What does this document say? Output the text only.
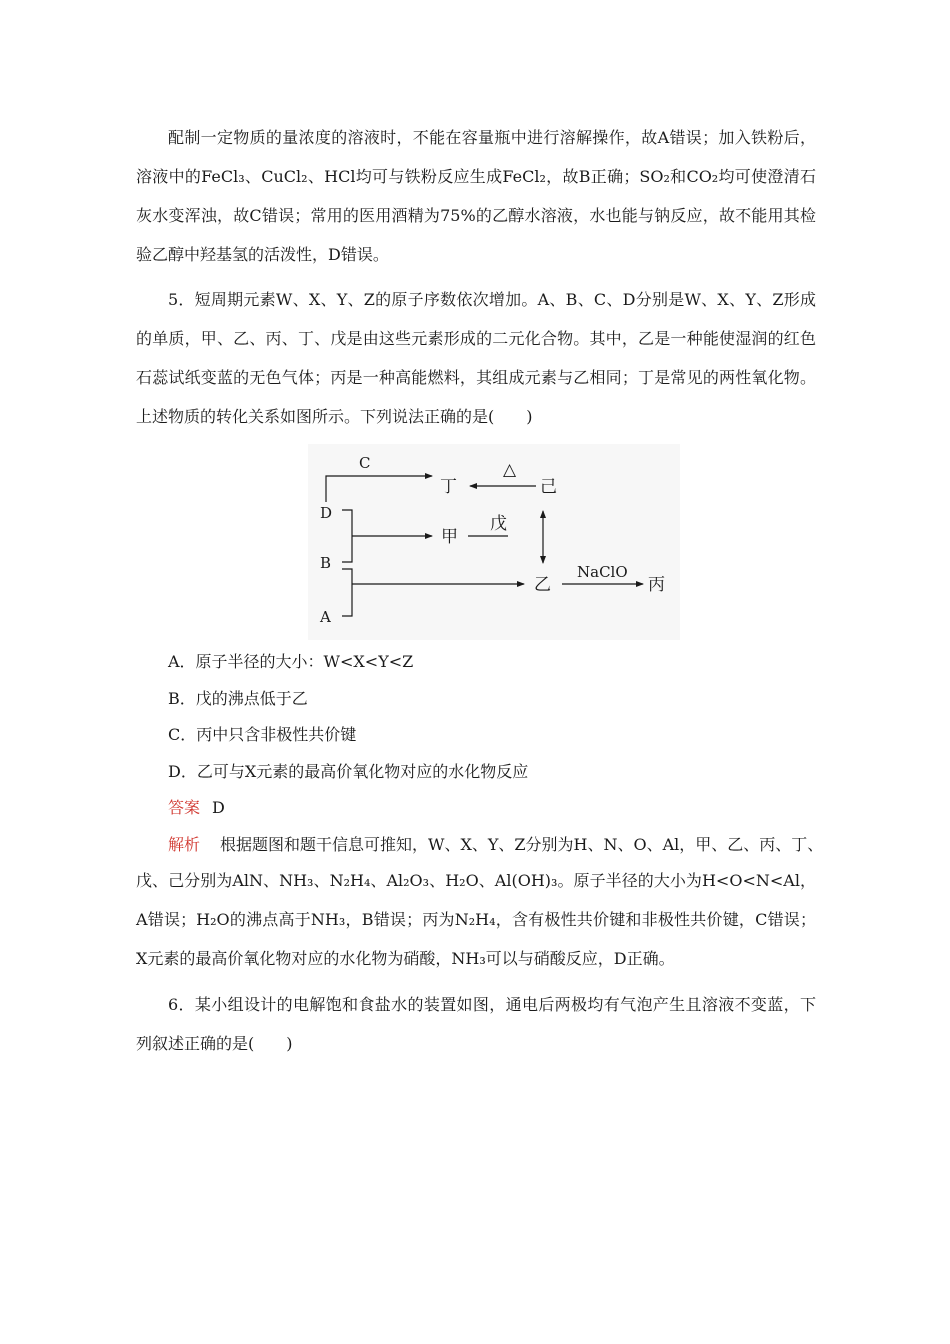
配制一定物质的量浓度的溶液时，不能在容量瓶中进行溶解操作，故A错误；加入铁粉后，溶液中的FeCl₃、CuCl₂、HCl均可与铁粉反应生成FeCl₂，故B正确；SO₂和CO₂均可使澄清石灰水变浑浊，故C错误；常用的医用酒精为75%的乙醇水溶液，水也能与钠反应，故不能用其检验乙醇中羟基氢的活泼性，D错误。

5．短周期元素W、X、Y、Z的原子序数依次增加。A、B、C、D分别是W、X、Y、Z形成的单质，甲、乙、丙、丁、戊是由这些元素形成的二元化合物。其中，乙是一种能使湿润的红色石蕊试纸变蓝的无色气体；丙是一种高能燃料，其组成元素与乙相同；丁是常见的两性氧化物。上述物质的转化关系如图所示。下列说法正确的是(　　)

C
丁
△
己
D
甲
戊
B
乙
NaClO
丙
A

A．原子半径的大小：W<X<Y<Z

B．戊的沸点低于乙

C．丙中只含非极性共价键

D．乙可与X元素的最高价氧化物对应的水化物反应

答案 D

解析 根据题图和题干信息可推知，W、X、Y、Z分别为H、N、O、Al，甲、乙、丙、丁、

戊、己分别为AlN、NH₃、N₂H₄、Al₂O₃、H₂O、Al(OH)₃。原子半径的大小为H<O<N<Al，A错误；H₂O的沸点高于NH₃，B错误；丙为N₂H₄，含有极性共价键和非极性共价键，C错误；X元素的最高价氧化物对应的水化物为硝酸，NH₃可以与硝酸反应，D正确。

6．某小组设计的电解饱和食盐水的装置如图，通电后两极均有气泡产生且溶液不变蓝，下列叙述正确的是(　　)
